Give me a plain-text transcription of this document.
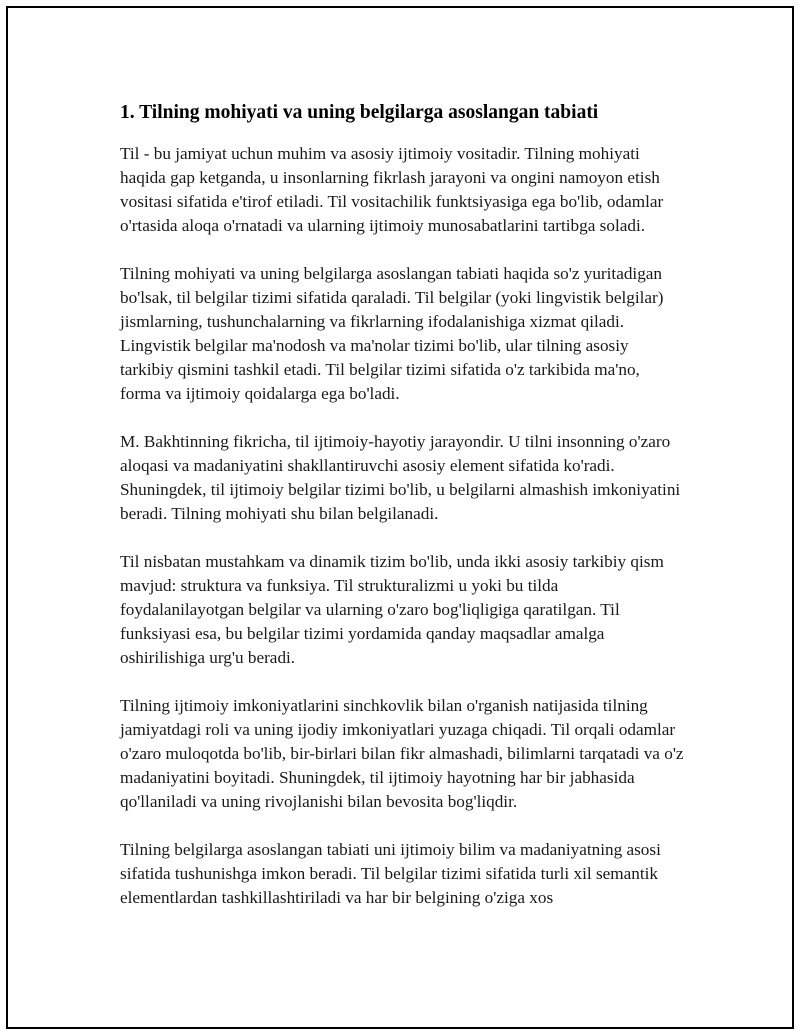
1. Tilning mohiyati va uning belgilarga asoslangan tabiati

Til - bu jamiyat uchun muhim va asosiy ijtimoiy vositadir. Tilning mohiyati haqida gap ketganda, u insonlarning fikrlash jarayoni va ongini namoyon etish vositasi sifatida e'tirof etiladi. Til vositachilik funktsiyasiga ega bo'lib, odamlar o'rtasida aloqa o'rnatadi va ularning ijtimoiy munosabatlarini tartibga soladi.

Tilning mohiyati va uning belgilarga asoslangan tabiati haqida so'z yuritadigan bo'lsak, til belgilar tizimi sifatida qaraladi. Til belgilar (yoki lingvistik belgilar) jismlarning, tushunchalarning va fikrlarning ifodalanishiga xizmat qiladi. Lingvistik belgilar ma'nodosh va ma'nolar tizimi bo'lib, ular tilning asosiy tarkibiy qismini tashkil etadi. Til belgilar tizimi sifatida o'z tarkibida ma'no, forma va ijtimoiy qoidalarga ega bo'ladi.

M. Bakhtinning fikricha, til ijtimoiy-hayotiy jarayondir. U tilni insonning o'zaro aloqasi va madaniyatini shakllantiruvchi asosiy element sifatida ko'radi. Shuningdek, til ijtimoiy belgilar tizimi bo'lib, u belgilarni almashish imkoniyatini beradi. Tilning mohiyati shu bilan belgilanadi.

Til nisbatan mustahkam va dinamik tizim bo'lib, unda ikki asosiy tarkibiy qism mavjud: struktura va funksiya. Til strukturalizmi u yoki bu tilda foydalanilayotgan belgilar va ularning o'zaro bog'liqligiga qaratilgan. Til funksiyasi esa, bu belgilar tizimi yordamida qanday maqsadlar amalga oshirilishiga urg'u beradi.

Tilning ijtimoiy imkoniyatlarini sinchkovlik bilan o'rganish natijasida tilning jamiyatdagi roli va uning ijodiy imkoniyatlari yuzaga chiqadi. Til orqali odamlar o'zaro muloqotda bo'lib, bir-birlari bilan fikr almashadi, bilimlarni tarqatadi va o'z madaniyatini boyitadi. Shuningdek, til ijtimoiy hayotning har bir jabhasida qo'llaniladi va uning rivojlanishi bilan bevosita bog'liqdir.

Tilning belgilarga asoslangan tabiati uni ijtimoiy bilim va madaniyatning asosi sifatida tushunishga imkon beradi. Til belgilar tizimi sifatida turli xil semantik elementlardan tashkillashtiriladi va har bir belgining o'ziga xos
